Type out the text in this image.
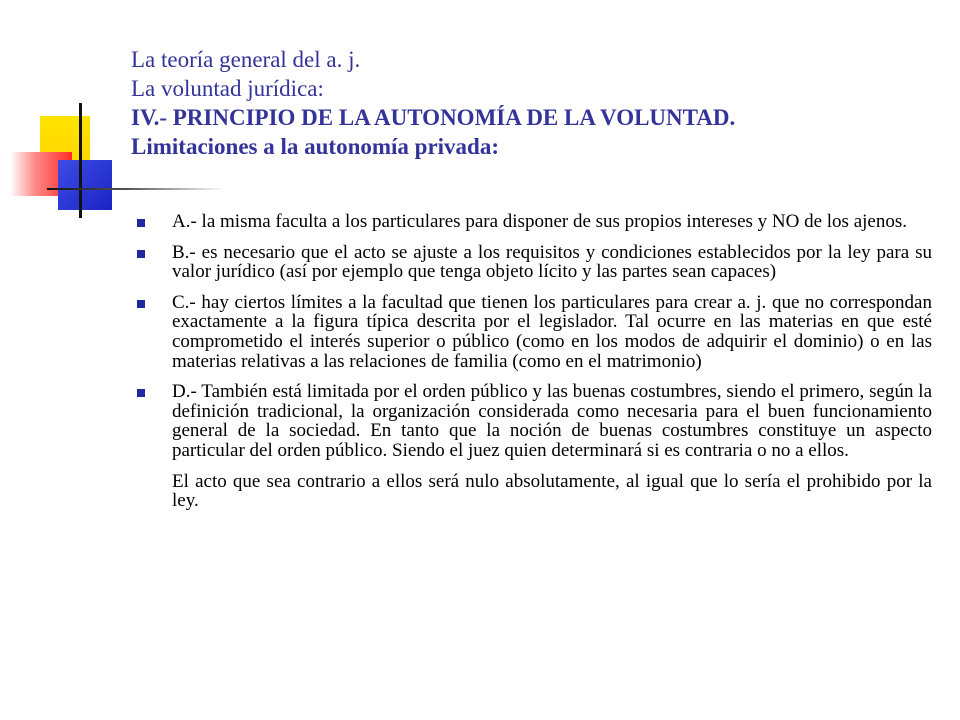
La teoría general del a. j.
La voluntad jurídica:
IV.- PRINCIPIO DE LA AUTONOMÍA DE LA VOLUNTAD.
Limitaciones a la autonomía privada:
A.- la misma faculta a los particulares para disponer de sus propios intereses y NO de los ajenos.
B.- es necesario que el acto se ajuste a los requisitos y condiciones establecidos por la ley para su valor jurídico (así por ejemplo que tenga objeto lícito y las partes sean capaces)
C.- hay ciertos límites a la facultad que tienen los particulares para crear a. j. que no correspondan exactamente a la figura típica descrita por el legislador. Tal ocurre en las materias en que esté comprometido el interés superior o público (como en los modos de adquirir el dominio) o en las materias relativas a las relaciones de familia (como en el matrimonio)
D.- También está limitada por el orden público y las buenas costumbres, siendo el primero, según la definición tradicional, la organización considerada como necesaria para el buen funcionamiento general de la sociedad. En tanto que la noción de buenas costumbres constituye un aspecto particular del orden público. Siendo el juez quien determinará si es contraria o no a ellos.
El acto que sea contrario a ellos será nulo absolutamente, al igual que lo sería el prohibido por la ley.
